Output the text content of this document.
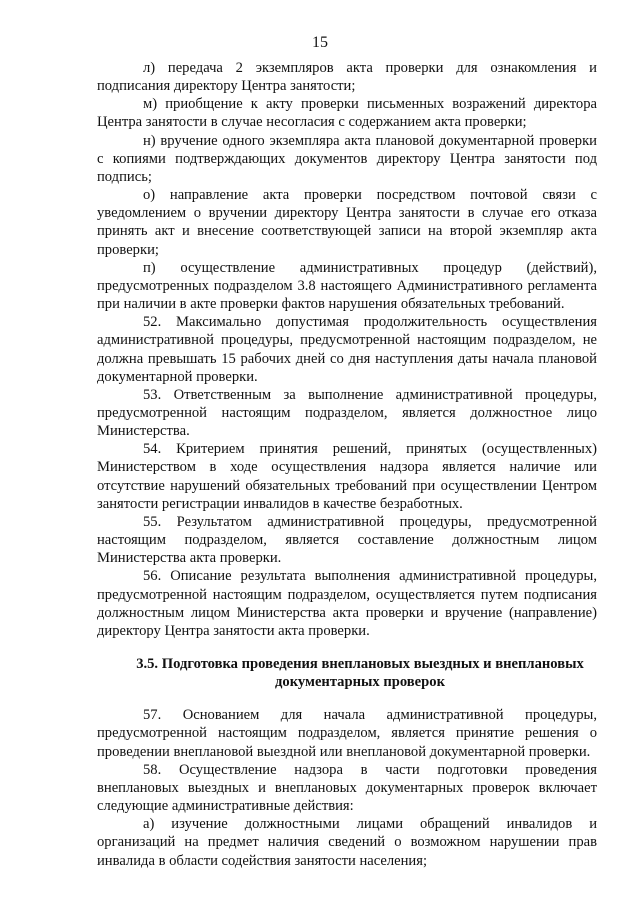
15

л) передача 2 экземпляров акта проверки для ознакомления и подписания директору Центра занятости;

м) приобщение к акту проверки письменных возражений директора Центра занятости в случае несогласия с содержанием акта проверки;

н) вручение одного экземпляра акта плановой документарной проверки с копиями подтверждающих документов директору Центра занятости под подпись;

о) направление акта проверки посредством почтовой связи с уведомлением о вручении директору Центра занятости в случае его отказа принять акт и внесение соответствующей записи на второй экземпляр акта проверки;

п) осуществление административных процедур (действий), предусмотренных подразделом 3.8 настоящего Административного регламента при наличии в акте проверки фактов нарушения обязательных требований.

52. Максимально допустимая продолжительность осуществления административной процедуры, предусмотренной настоящим подразделом, не должна превышать 15 рабочих дней со дня наступления даты начала плановой документарной проверки.

53. Ответственным за выполнение административной процедуры, предусмотренной настоящим подразделом, является должностное лицо Министерства.

54. Критерием принятия решений, принятых (осуществленных) Министерством в ходе осуществления надзора является наличие или отсутствие нарушений обязательных требований при осуществлении Центром занятости регистрации инвалидов в качестве безработных.

55. Результатом административной процедуры, предусмотренной настоящим подразделом, является составление должностным лицом Министерства акта проверки.

56. Описание результата выполнения административной процедуры, предусмотренной настоящим подразделом, осуществляется путем подписания должностным лицом Министерства акта проверки и вручение (направление) директору Центра занятости акта проверки.

3.5. Подготовка проведения внеплановых выездных и внеплановых
документарных проверок

57. Основанием для начала административной процедуры, предусмотренной настоящим подразделом, является принятие решения о проведении внеплановой выездной или внеплановой документарной проверки.

58. Осуществление надзора в части подготовки проведения внеплановых выездных и внеплановых документарных проверок включает следующие административные действия:

а) изучение должностными лицами обращений инвалидов и организаций на предмет наличия сведений о возможном нарушении прав инвалида в области содействия занятости населения;
